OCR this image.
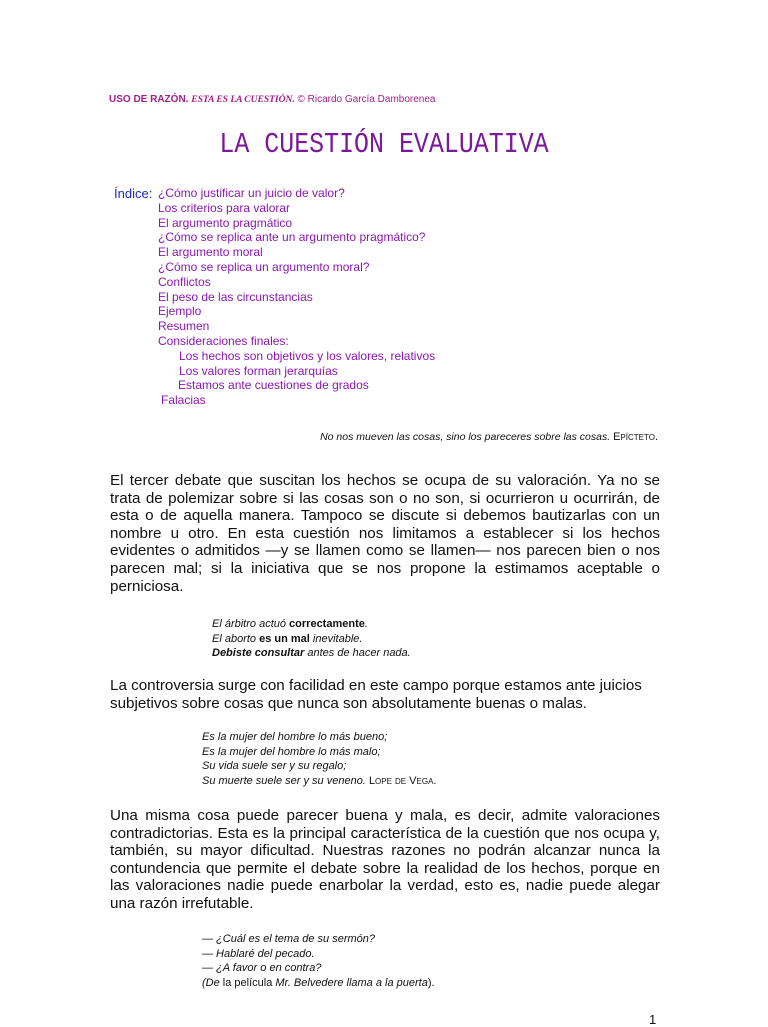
USO DE RAZÓN. ESTA ES LA CUESTIÓN. © Ricardo García Damborenea
LA CUESTIÓN EVALUATIVA
Índice: ¿Cómo justificar un juicio de valor?
Los criterios para valorar
El argumento pragmático
¿Cómo se replica ante un argumento pragmático?
El argumento moral
¿Cómo se replica un argumento moral?
Conflictos
El peso de las circunstancias
Ejemplo
Resumen
Consideraciones finales:
Los hechos son objetivos y los valores, relativos
Los valores forman jerarquías
Estamos ante cuestiones de grados
Falacias
No nos mueven las cosas, sino los pareceres sobre las cosas. Epícteto.

El tercer debate que suscitan los hechos se ocupa de su valoración. Ya no se trata de polemizar sobre si las cosas son o no son, si ocurrieron u ocurrirán, de esta o de aquella manera. Tampoco se discute si debemos bautizarlas con un nombre u otro. En esta cuestión nos limitamos a establecer si los hechos evidentes o admitidos —y se llamen como se llamen— nos parecen bien o nos parecen mal; si la iniciativa que se nos propone la estimamos aceptable o perniciosa.

El árbitro actuó correctamente.
El aborto es un mal inevitable.
Debiste consultar antes de hacer nada.

La controversia surge con facilidad en este campo porque estamos ante juicios subjetivos sobre cosas que nunca son absolutamente buenas o malas.

Es la mujer del hombre lo más bueno;
Es la mujer del hombre lo más malo;
Su vida suele ser y su regalo;
Su muerte suele ser y su veneno. Lope de Vega.

Una misma cosa puede parecer buena y mala, es decir, admite valoraciones contradictorias. Esta es la principal característica de la cuestión que nos ocupa y, también, su mayor dificultad. Nuestras razones no podrán alcanzar nunca la contundencia que permite el debate sobre la realidad de los hechos, porque en las valoraciones nadie puede enarbolar la verdad, esto es, nadie puede alegar una razón irrefutable.

— ¿Cuál es el tema de su sermón?
— Hablaré del pecado.
— ¿A favor o en contra?
(De la película Mr. Belvedere llama a la puerta).
1
